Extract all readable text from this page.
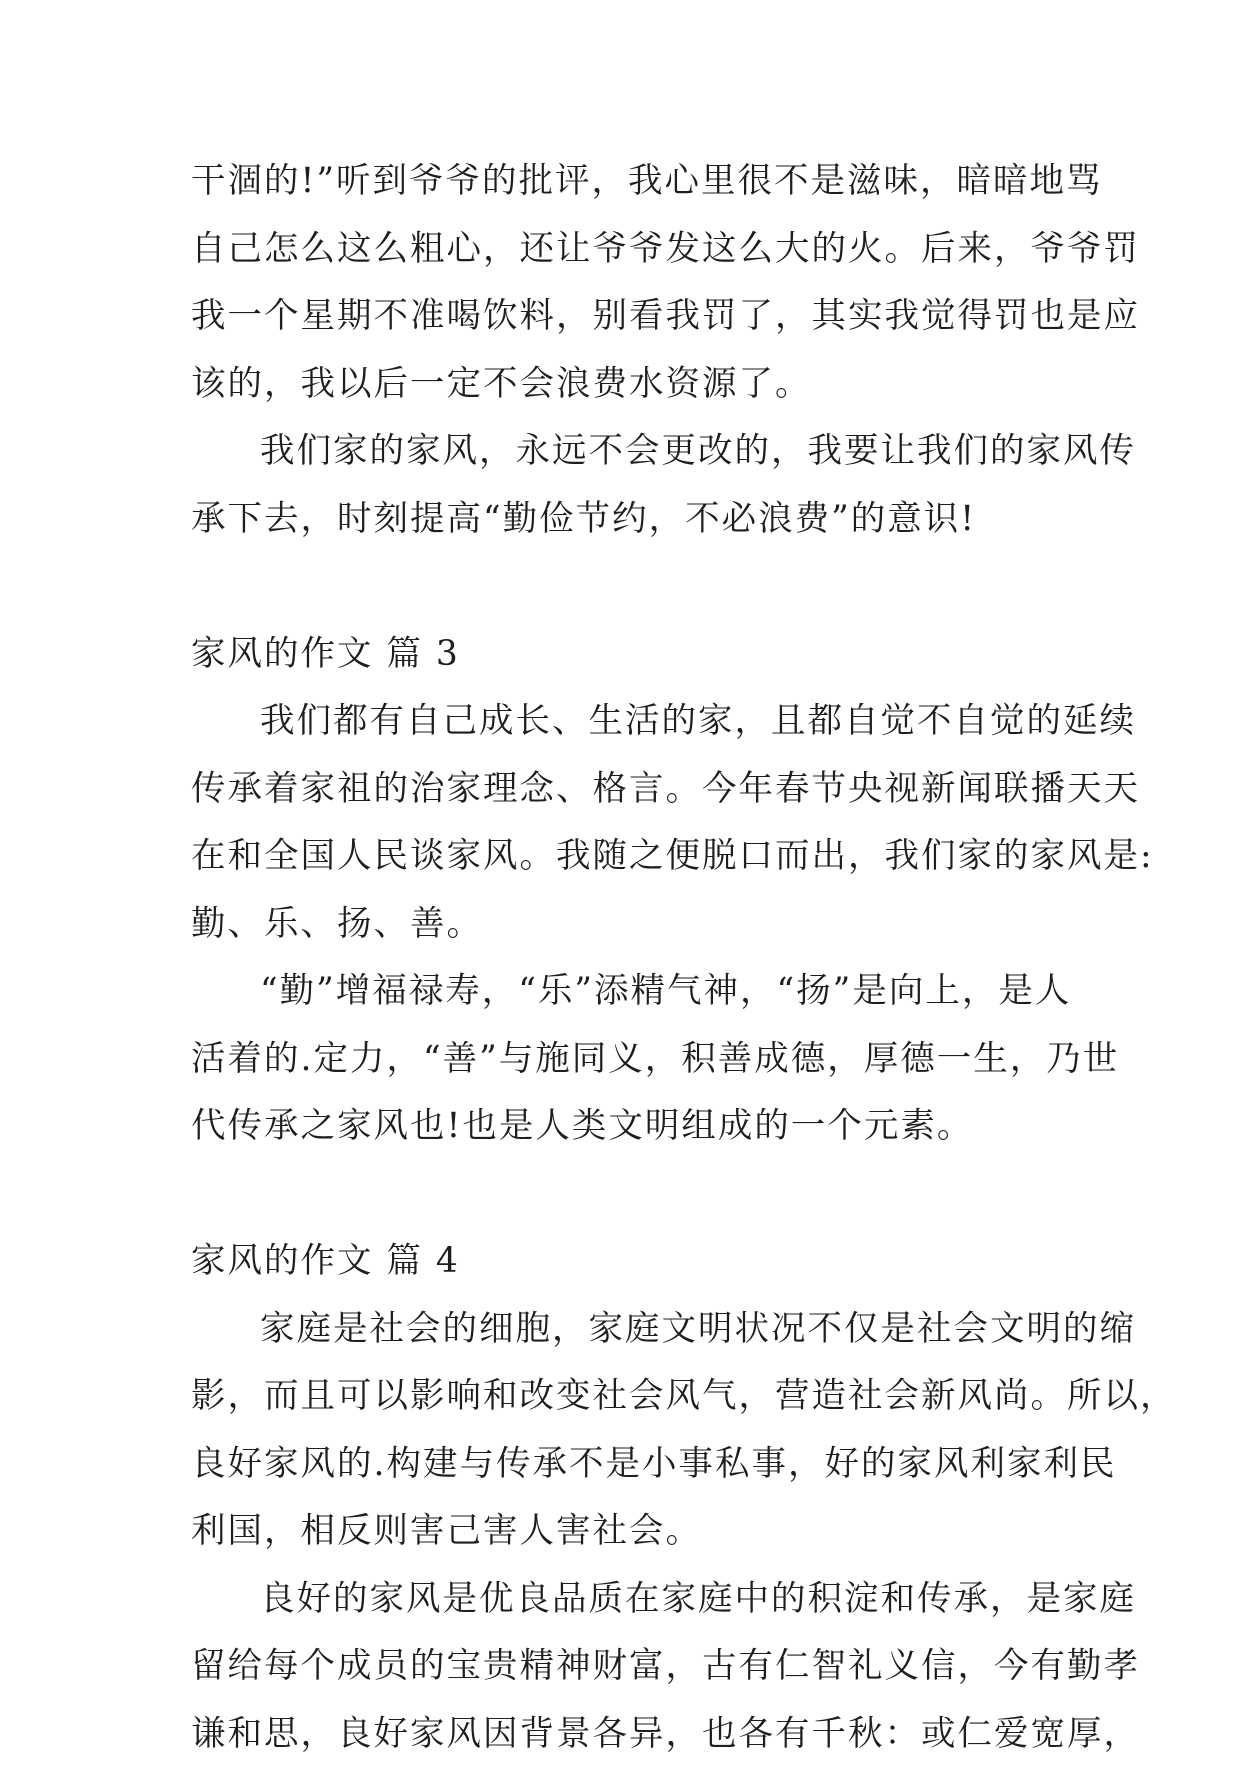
干涸的!”听到爷爷的批评，我心里很不是滋味，暗暗地骂
自己怎么这么粗心，还让爷爷发这么大的火。后来，爷爷罚
我一个星期不准喝饮料，别看我罚了，其实我觉得罚也是应
该的，我以后一定不会浪费水资源了。

我们家的家风，永远不会更改的，我要让我们的家风传
承下去，时刻提高“勤俭节约，不必浪费”的意识!

家风的作文 篇 3

我们都有自己成长、生活的家，且都自觉不自觉的延续
传承着家祖的治家理念、格言。今年春节央视新闻联播天天
在和全国人民谈家风。我随之便脱口而出，我们家的家风是:
勤、乐、扬、善。

“勤”增福禄寿，“乐”添精气神，“扬”是向上，是人
活着的.定力，“善”与施同义，积善成德，厚德一生，乃世
代传承之家风也!也是人类文明组成的一个元素。

家风的作文 篇 4

家庭是社会的细胞，家庭文明状况不仅是社会文明的缩
影，而且可以影响和改变社会风气，营造社会新风尚。所以，
良好家风的.构建与传承不是小事私事，好的家风利家利民
利国，相反则害己害人害社会。

良好的家风是优良品质在家庭中的积淀和传承，是家庭
留给每个成员的宝贵精神财富，古有仁智礼义信，今有勤孝
谦和思，良好家风因背景各异，也各有千秋：或仁爱宽厚，
